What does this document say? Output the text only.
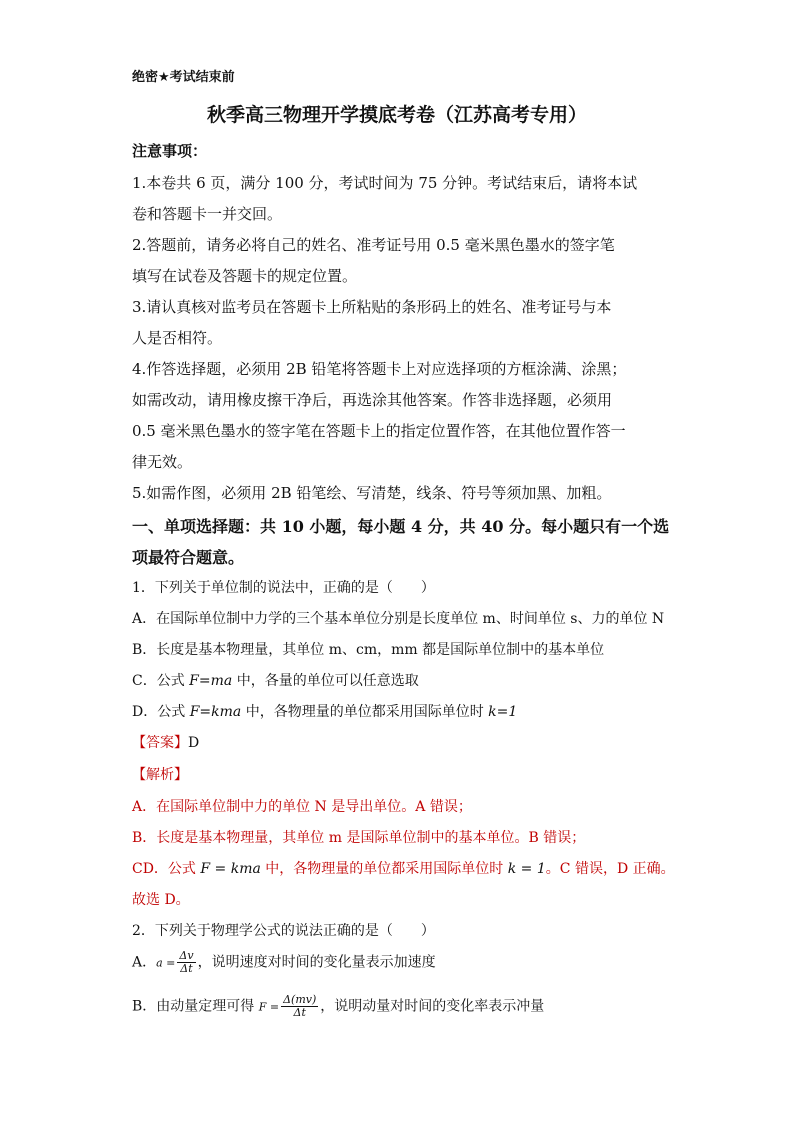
绝密★考试结束前
秋季高三物理开学摸底考卷（江苏高考专用）
注意事项：
1.本卷共 6 页，满分 100 分，考试时间为 75 分钟。考试结束后，请将本试
卷和答题卡一并交回。
2.答题前，请务必将自己的姓名、准考证号用 0.5 毫米黑色墨水的签字笔
填写在试卷及答题卡的规定位置。
3.请认真核对监考员在答题卡上所粘贴的条形码上的姓名、准考证号与本
人是否相符。
4.作答选择题，必须用 2B 铅笔将答题卡上对应选择项的方框涂满、涂黑；
如需改动，请用橡皮擦干净后，再选涂其他答案。作答非选择题，必须用
0.5 毫米黑色墨水的签字笔在答题卡上的指定位置作答，在其他位置作答一
律无效。
5.如需作图，必须用 2B 铅笔绘、写清楚，线条、符号等须加黑、加粗。
一、单项选择题：共 10 小题，每小题 4 分，共 40 分。每小题只有一个选
项最符合题意。
1．下列关于单位制的说法中，正确的是（　　）
A．在国际单位制中力学的三个基本单位分别是长度单位 m、时间单位 s、力的单位 N
B．长度是基本物理量，其单位 m、cm，mm 都是国际单位制中的基本单位
C．公式 F=ma 中，各量的单位可以任意选取
D．公式 F=kma 中，各物理量的单位都采用国际单位时 k=1
【答案】D
【解析】
A．在国际单位制中力的单位 N 是导出单位。A 错误；
B．长度是基本物理量，其单位 m 是国际单位制中的基本单位。B 错误；
CD．公式 F = kma 中，各物理量的单位都采用国际单位时 k = 1。C 错误，D 正确。
故选 D。
2．下列关于物理学公式的说法正确的是（　　）
A．$a = \frac{\Delta v}{\Delta t}$ ，说明速度对时间的变化量表示加速度
B．由动量定理可得 $F = \frac{\Delta(mv)}{\Delta t}$ ，说明动量对时间的变化率表示冲量
